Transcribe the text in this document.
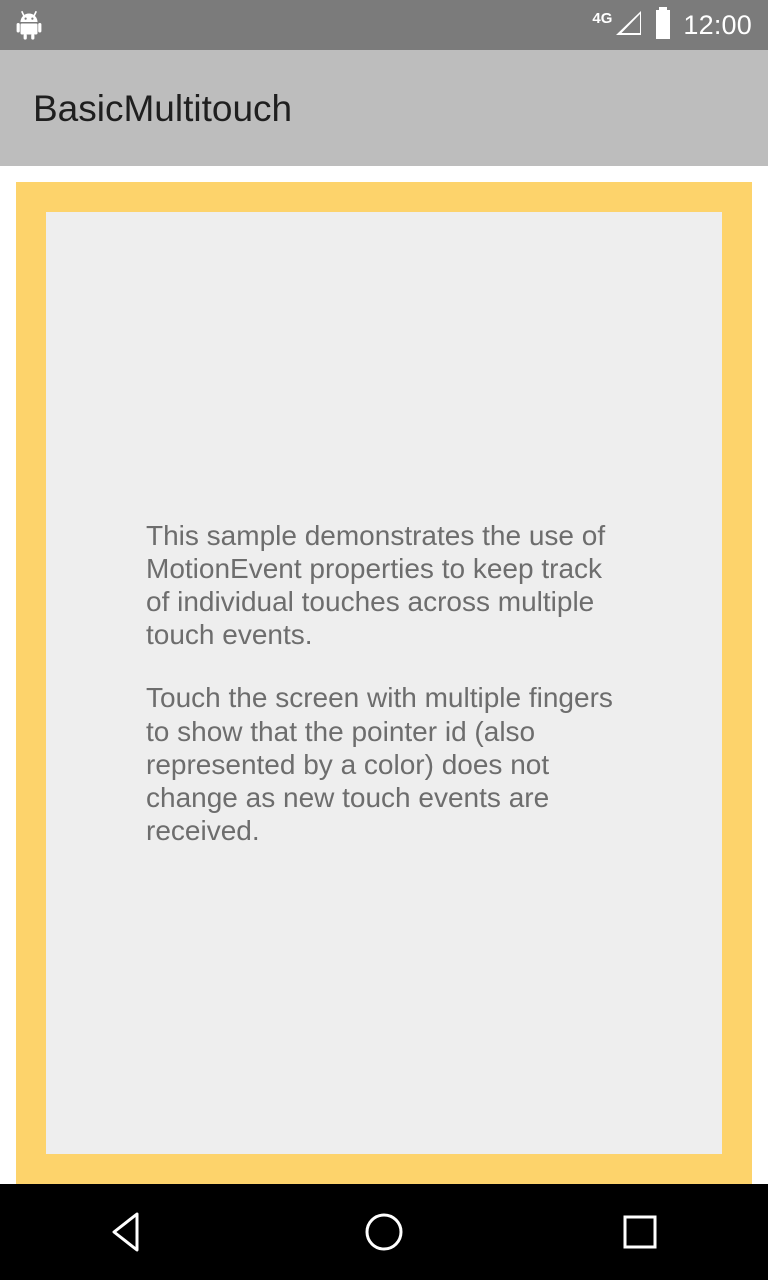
4G	12:00
BasicMultitouch

This sample demonstrates the use of MotionEvent properties to keep track of individual touches across multiple touch events.

Touch the screen with multiple fingers to show that the pointer id (also represented by a color) does not change as new touch events are received.
